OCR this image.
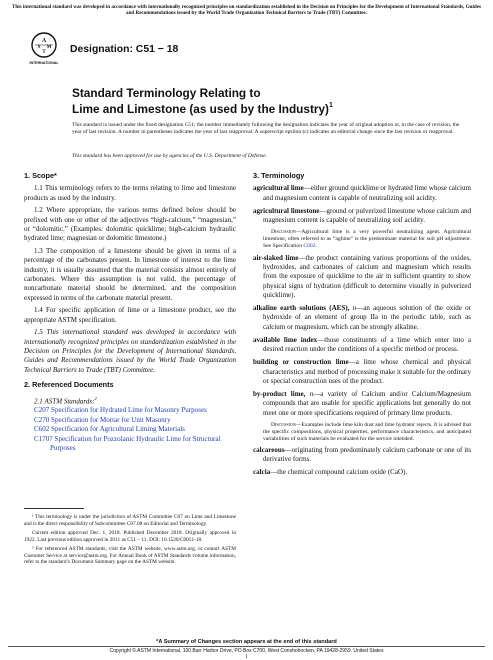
This international standard was developed in accordance with internationally recognized principles on standardization established in the Decision on Principles for the Development of International Standards, Guides and Recommendations issued by the World Trade Organization Technical Barriers to Trade (TBT) Committee.
A
S M
T
INTERNATIONAL
Designation: C51 − 18
Standard Terminology Relating to
Lime and Limestone (as used by the Industry)$^1$
This standard is issued under the fixed designation C51; the number immediately following the designation indicates the year of original adoption or, in the case of revision, the year of last revision. A number in parentheses indicates the year of last reapproval. A superscript epsilon (ε) indicates an editorial change since the last revision or reapproval.
This standard has been approved for use by agencies of the U.S. Department of Defense.
1. Scope*
1.1 This terminology refers to the terms relating to lime and limestone products as used by the industry.
1.2 Where appropriate, the various terms defined below should be prefixed with one or other of the adjectives “high-calcium,” “magnesian,” or “dolomitic.” (Examples: dolomitic quicklime; high-calcium hydraulic hydrated lime; magnesian or dolomitic limestone.)
1.3 The composition of a limestone should be given in terms of a percentage of the carbonates present. In limestone of interest to the lime industry, it is usually assumed that the material consists almost entirely of carbonates. Where this assumption is not valid, the percentage of noncarbonate material should be determined, and the composition expressed in terms of the carbonate material present.
1.4 For specific application of lime or a limestone product, see the appropriate ASTM specification.
1.5 This international standard was developed in accordance with internationally recognized principles on standardization established in the Decision on Principles for the Development of International Standards, Guides and Recommendations issued by the World Trade Organization Technical Barriers to Trade (TBT) Committee.
2. Referenced Documents
2.1 ASTM Standards:$^2$
C207 Specification for Hydrated Lime for Masonry Purposes
C270 Specification for Mortar for Unit Masonry
C602 Specification for Agricultural Liming Materials
C1707 Specification for Pozzolanic Hydraulic Lime for Structural Purposes
¹ This terminology is under the jurisdiction of ASTM Committee C07 on Lime and Limestone and is the direct responsibility of Subcommittee C07.08 on Editorial and Terminology.
Current edition approved Dec. 1, 2018. Published December 2018. Originally approved in 1922. Last previous edition approved in 2011 as C51 – 11. DOI: 10.1520/C0051-18.
² For referenced ASTM standards, visit the ASTM website, www.astm.org, or contact ASTM Customer Service at service@astm.org. For Annual Book of ASTM Standards volume information, refer to the standard’s Document Summary page on the ASTM website.
3. Terminology
agricultural lime—either ground quicklime or hydrated lime whose calcium and magnesium content is capable of neutralizing soil acidity.
agricultural limestone—ground or pulverized limestone whose calcium and magnesium content is capable of neutralizing soil acidity.
Discussion—Agricultural lime is a very powerful neutralizing agent. Agricultural limestone, often referred to as “aglime” is the predominate material for soil pH adjustment. See Specification C602.
air-slaked lime—the product containing various proportions of the oxides, hydroxides, and carbonates of calcium and magnesium which results from the exposure of quicklime to the air in sufficient quantity to show physical signs of hydration (difficult to determine visually in pulverized quicklime).
alkaline earth solutions (AES), n—an aqueous solution of the oxide or hydroxide of an element of group IIa in the periodic table, such as calcium or magnesium, which can be strongly alkaline.
available lime index—those constituents of a lime which enter into a desired reaction under the conditions of a specific method or process.
building or construction lime—a lime whose chemical and physical characteristics and method of processing make it suitable for the ordinary or special construction uses of the product.
by-product lime, n—a variety of Calcium and/or Calcium/Magnesium compounds that are usable for specific applications but generally do not meet one or more specifications required of primary lime products.
Discussion—Examples include lime kiln dust and lime hydrator rejects. It is advised that the specific compositions, physical properties, performance characteristics, and anticipated variabilities of such materials be evaluated for the service intended.
calcareous—originating from predominately calcium carbonate or one of its derivative forms.
calcia—the chemical compound calcium oxide (CaO).
*A Summary of Changes section appears at the end of this standard
Copyright © ASTM International, 100 Barr Harbor Drive, PO Box C700, West Conshohocken, PA 19428-2959. United States
1
